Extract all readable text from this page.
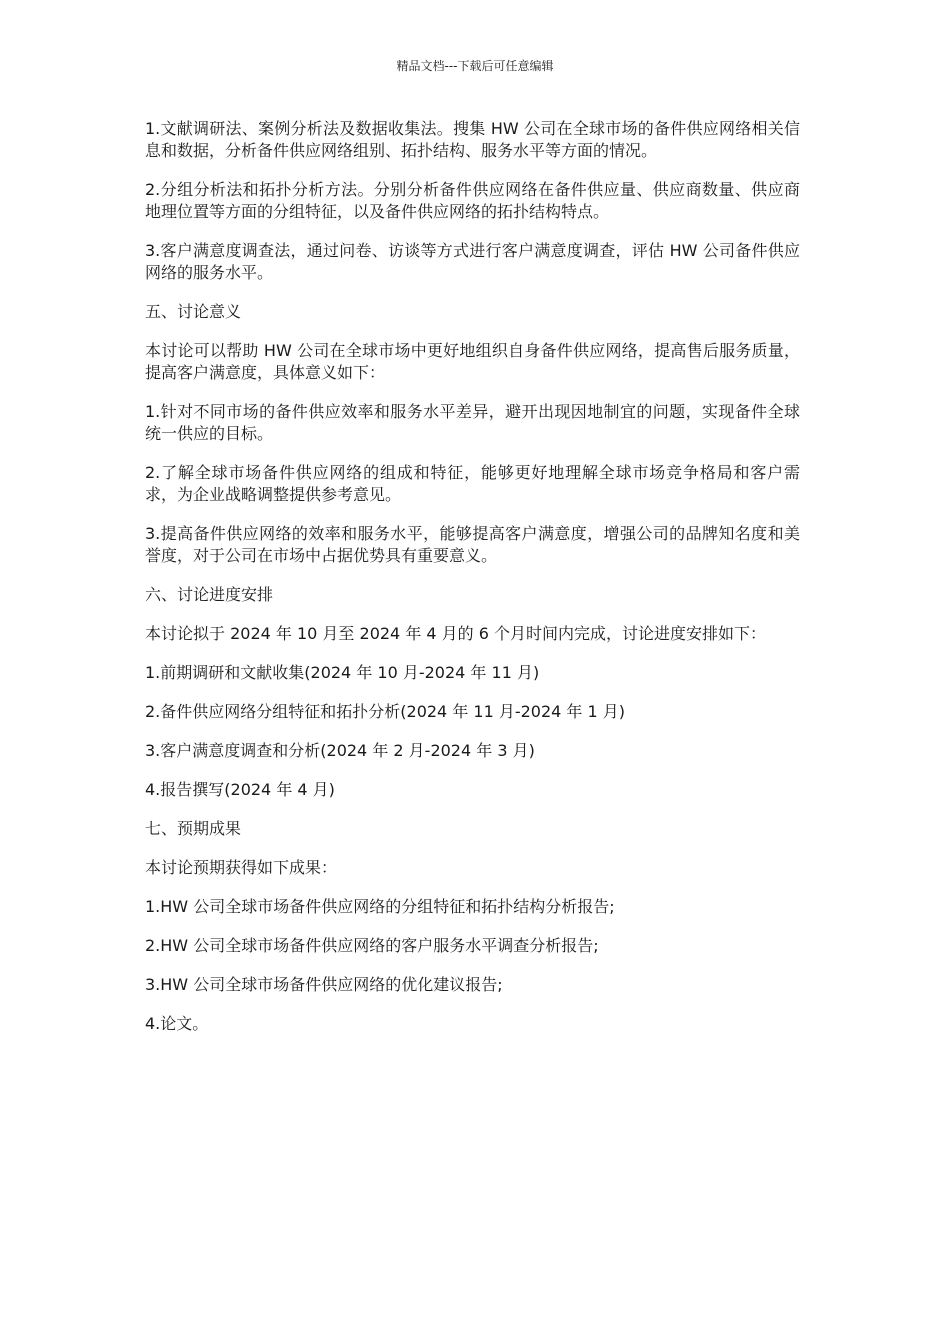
精品文档---下载后可任意编辑

1.文献调研法、案例分析法及数据收集法。搜集 HW 公司在全球市场的备件供应网络相关信息和数据，分析备件供应网络组别、拓扑结构、服务水平等方面的情况。

2.分组分析法和拓扑分析方法。分别分析备件供应网络在备件供应量、供应商数量、供应商地理位置等方面的分组特征，以及备件供应网络的拓扑结构特点。

3.客户满意度调查法，通过问卷、访谈等方式进行客户满意度调查，评估 HW 公司备件供应网络的服务水平。

五、讨论意义

本讨论可以帮助 HW 公司在全球市场中更好地组织自身备件供应网络，提高售后服务质量，提高客户满意度，具体意义如下：

1.针对不同市场的备件供应效率和服务水平差异，避开出现因地制宜的问题，实现备件全球统一供应的目标。

2.了解全球市场备件供应网络的组成和特征，能够更好地理解全球市场竞争格局和客户需求，为企业战略调整提供参考意见。

3.提高备件供应网络的效率和服务水平，能够提高客户满意度，增强公司的品牌知名度和美誉度，对于公司在市场中占据优势具有重要意义。

六、讨论进度安排

本讨论拟于 2024 年 10 月至 2024 年 4 月的 6 个月时间内完成，讨论进度安排如下：

1.前期调研和文献收集(2024 年 10 月-2024 年 11 月)

2.备件供应网络分组特征和拓扑分析(2024 年 11 月-2024 年 1 月)

3.客户满意度调查和分析(2024 年 2 月-2024 年 3 月)

4.报告撰写(2024 年 4 月)

七、预期成果

本讨论预期获得如下成果：

1.HW 公司全球市场备件供应网络的分组特征和拓扑结构分析报告;

2.HW 公司全球市场备件供应网络的客户服务水平调查分析报告;

3.HW 公司全球市场备件供应网络的优化建议报告;

4.论文。
